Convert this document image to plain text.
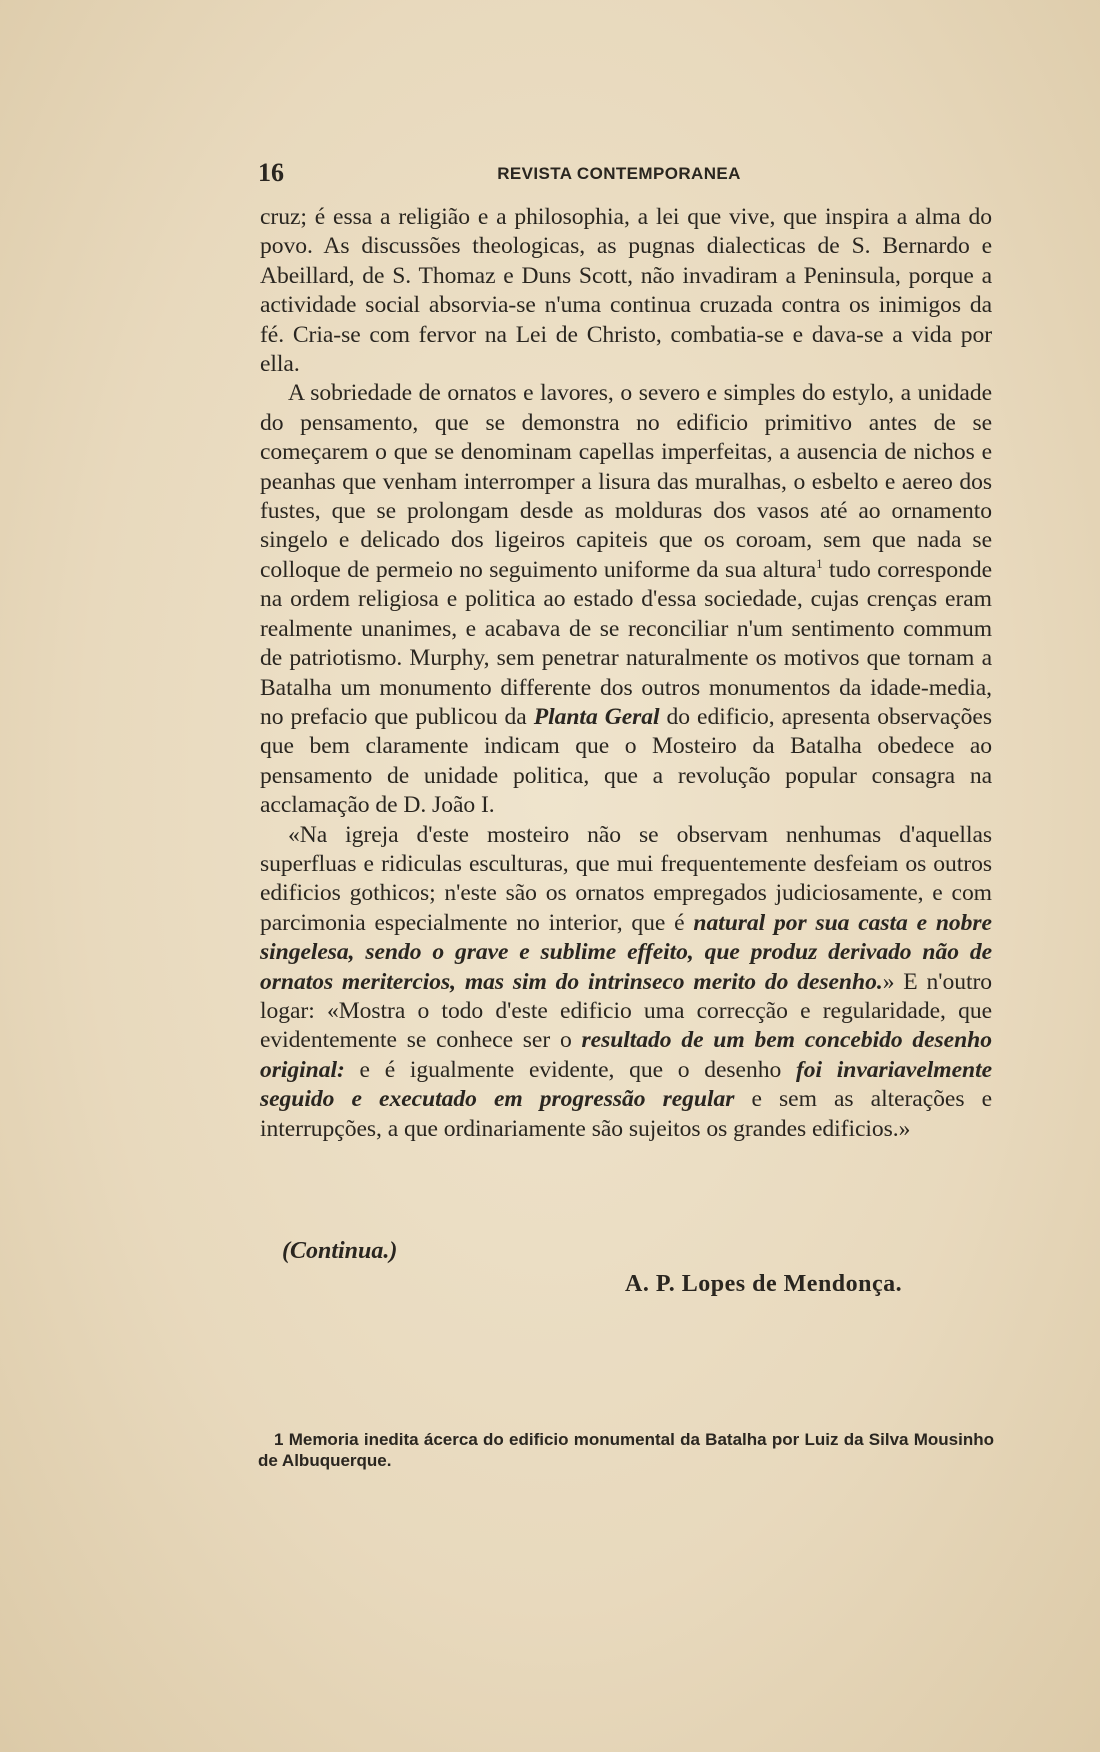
16	REVISTA CONTEMPORANEA

cruz; é essa a religião e a philosophia, a lei que vive, que inspira a alma do povo. As discussões theologicas, as pugnas dialecticas de S. Bernardo e Abeillard, de S. Thomaz e Duns Scott, não invadiram a Peninsula, porque a actividade social absorvia-se n'uma continua cruzada contra os inimigos da fé. Cria-se com fervor na Lei de Christo, combatia-se e dava-se a vida por ella.

A sobriedade de ornatos e lavores, o severo e simples do estylo, a unidade do pensamento, que se demonstra no edificio primitivo antes de se começarem o que se denominam capellas imperfeitas, a ausencia de nichos e peanhas que venham interromper a lisura das muralhas, o esbelto e aereo dos fustes, que se prolongam desde as molduras dos vasos até ao ornamento singelo e delicado dos ligeiros capiteis que os coroam, sem que nada se colloque de permeio no seguimento uniforme da sua altura$^1$ tudo corresponde na ordem religiosa e politica ao estado d'essa sociedade, cujas crenças eram realmente unanimes, e acabava de se reconciliar n'um sentimento commum de patriotismo. Murphy, sem penetrar naturalmente os motivos que tornam a Batalha um monumento differente dos outros monumentos da idade-media, no prefacio que publicou da Planta Geral do edificio, apresenta observações que bem claramente indicam que o Mosteiro da Batalha obedece ao pensamento de unidade politica, que a revolução popular consagra na acclamação de D. João I.

«Na igreja d'este mosteiro não se observam nenhumas d'aquellas superfluas e ridiculas esculturas, que mui frequentemente desfeiam os outros edificios gothicos; n'este são os ornatos empregados judiciosamente, e com parcimonia especialmente no interior, que é natural por sua casta e nobre singelesa, sendo o grave e sublime effeito, que produz derivado não de ornatos meritercios, mas sim do intrinseco merito do desenho.» E n'outro logar: «Mostra o todo d'este edificio uma correcção e regularidade, que evidentemente se conhece ser o resultado de um bem concebido desenho original: e é igualmente evidente, que o desenho foi invariavelmente seguido e executado em progressão regular e sem as alterações e interrupções, a que ordinariamente são sujeitos os grandes edificios.»

(Continua.)
A. P. Lopes de Mendonça.

1 Memoria inedita ácerca do edificio monumental da Batalha por Luiz da Silva Mousinho de Albuquerque.
